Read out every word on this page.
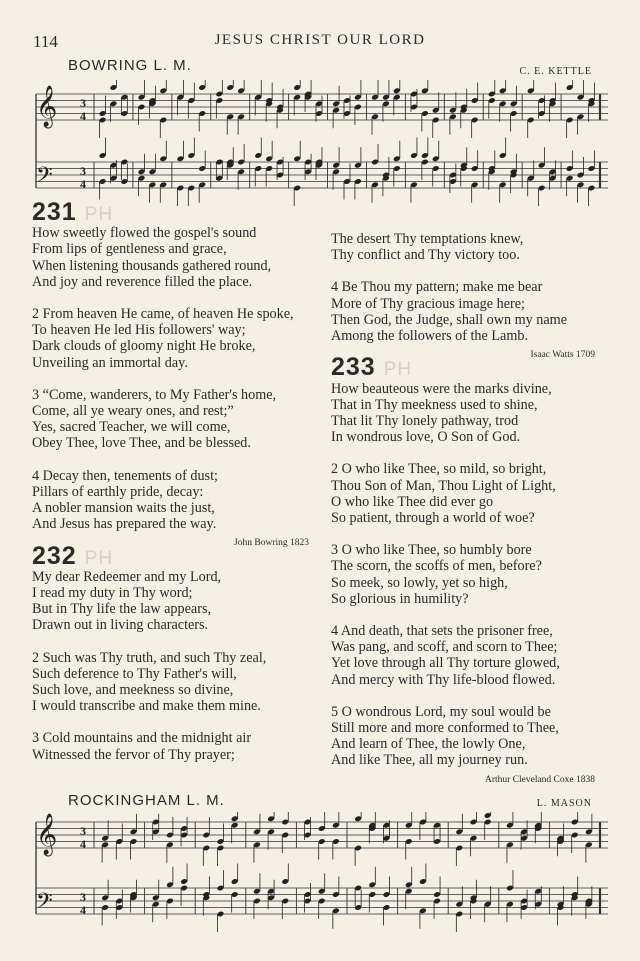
114	JESUS CHRIST OUR LORD
BOWRING L. M.	C. E. KETTLE
𝄞 3
4
𝄢 3
4
231 PH

How sweetly flowed the gospel's sound

From lips of gentleness and grace,

When listening thousands gathered round,

And joy and reverence filled the place.

2 From heaven He came, of heaven He spoke,

To heaven He led His followers' way;

Dark clouds of gloomy night He broke,

Unveiling an immortal day.

3 “Come, wanderers, to My Father's home,

Come, all ye weary ones, and rest;”

Yes, sacred Teacher, we will come,

Obey Thee, love Thee, and be blessed.

4 Decay then, tenements of dust;

Pillars of earthly pride, decay:

A nobler mansion waits the just,

And Jesus has prepared the way.

John Bowring 1823
232 PH

My dear Redeemer and my Lord,

I read my duty in Thy word;

But in Thy life the law appears,

Drawn out in living characters.

2 Such was Thy truth, and such Thy zeal,

Such deference to Thy Father's will,

Such love, and meekness so divine,

I would transcribe and make them mine.

3 Cold mountains and the midnight air

Witnessed the fervor of Thy prayer;

The desert Thy temptations knew,

Thy conflict and Thy victory too.

4 Be Thou my pattern; make me bear

More of Thy gracious image here;

Then God, the Judge, shall own my name

Among the followers of the Lamb.

Isaac Watts 1709
233 PH

How beauteous were the marks divine,

That in Thy meekness used to shine,

That lit Thy lonely pathway, trod

In wondrous love, O Son of God.

2 O who like Thee, so mild, so bright,

Thou Son of Man, Thou Light of Light,

O who like Thee did ever go

So patient, through a world of woe?

3 O who like Thee, so humbly bore

The scorn, the scoffs of men, before?

So meek, so lowly, yet so high,

So glorious in humility?

4 And death, that sets the prisoner free,

Was pang, and scoff, and scorn to Thee;

Yet love through all Thy torture glowed,

And mercy with Thy life-blood flowed.

5 O wondrous Lord, my soul would be

Still more and more conformed to Thee,

And learn of Thee, the lowly One,

And like Thee, all my journey run.

Arthur Cleveland Coxe 1838
ROCKINGHAM L. M.	L. MASON
𝄞 3
4
𝄢 3
4
